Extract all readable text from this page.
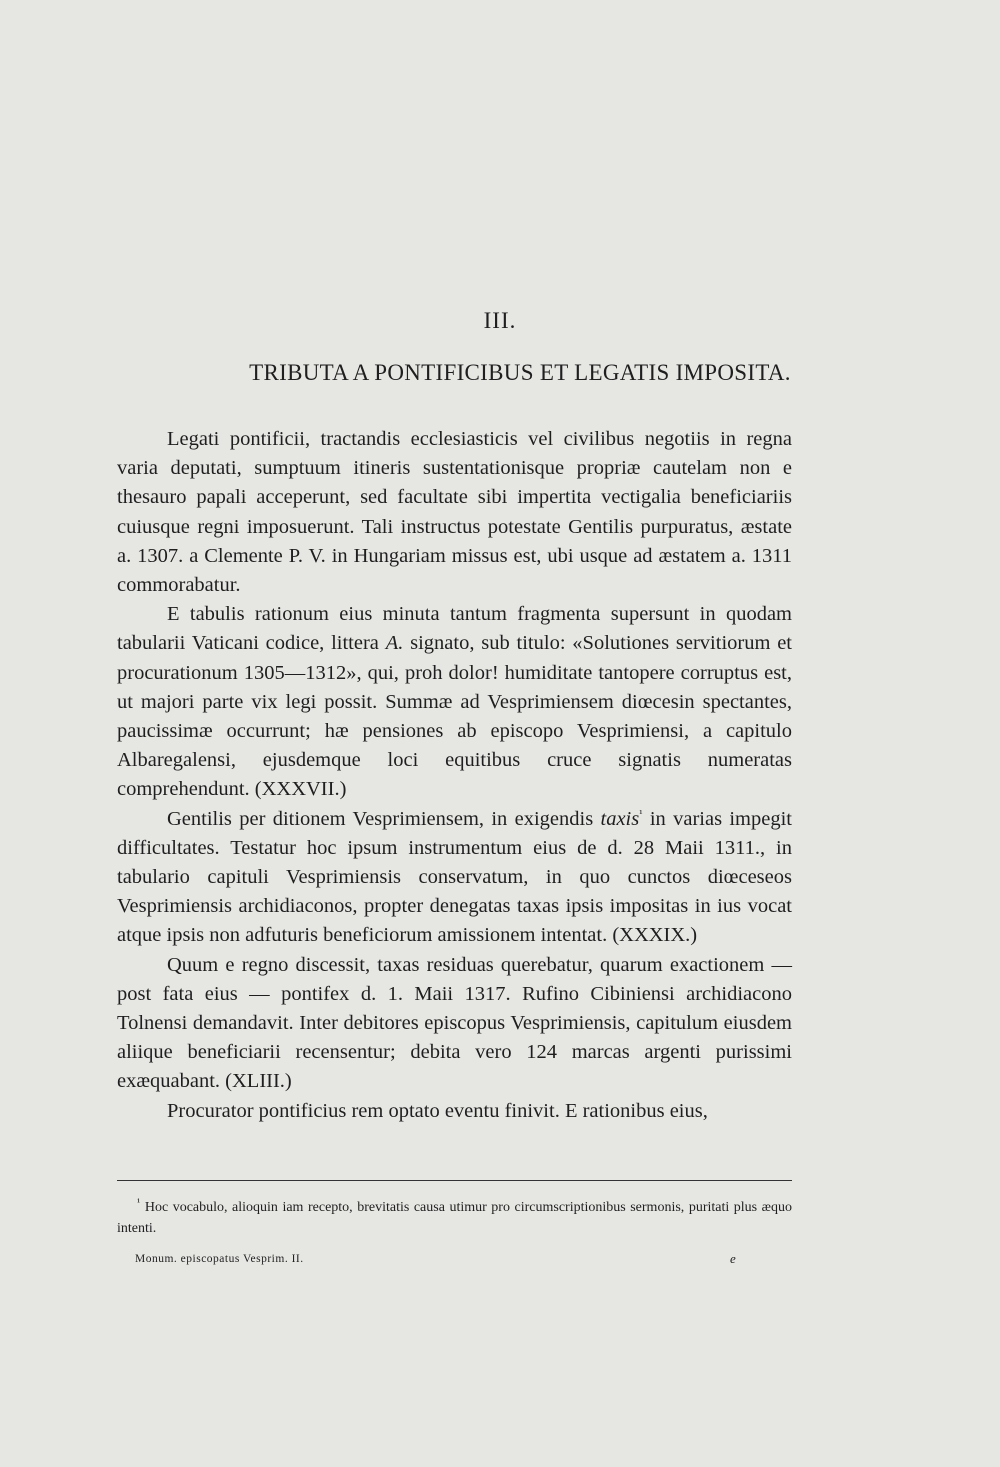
III.
TRIBUTA A PONTIFICIBUS ET LEGATIS IMPOSITA.

Legati pontificii, tractandis ecclesiasticis vel civilibus negotiis in regna varia deputati, sumptuum itineris sustentationisque propriæ cautelam non e thesauro papali acceperunt, sed facultate sibi impertita vectigalia beneficiariis cuiusque regni imposuerunt. Tali instructus potestate Gentilis purpuratus, æstate a. 1307. a Clemente P. V. in Hungariam missus est, ubi usque ad æstatem a. 1311 commorabatur.

E tabulis rationum eius minuta tantum fragmenta supersunt in quodam tabularii Vaticani codice, littera A. signato, sub titulo: «Solutiones servitiorum et procurationum 1305—1312», qui, proh dolor! humiditate tantopere corruptus est, ut majori parte vix legi possit. Summæ ad Vesprimiensem diœcesin spectantes, paucissimæ occurrunt; hæ pensiones ab episcopo Vesprimiensi, a capitulo Albaregalensi, ejusdemque loci equitibus cruce signatis numeratas comprehendunt. (XXXVII.)

Gentilis per ditionem Vesprimiensem, in exigendis taxis$^{^1}$ in varias impegit difficultates. Testatur hoc ipsum instrumentum eius de d. 28 Maii 1311., in tabulario capituli Vesprimiensis conservatum, in quo cunctos diœceseos Vesprimiensis archidiaconos, propter denegatas taxas ipsis impositas in ius vocat atque ipsis non adfuturis beneficiorum amissionem intentat. (XXXIX.)

Quum e regno discessit, taxas residuas querebatur, quarum exactionem — post fata eius — pontifex d. 1. Maii 1317. Rufino Cibiniensi archidiacono Tolnensi demandavit. Inter debitores episcopus Vesprimiensis, capitulum eiusdem aliique beneficiarii recensentur; debita vero 124 marcas argenti purissimi exæquabant. (XLIII.)

Procurator pontificius rem optato eventu finivit. E rationibus eius,

$^{^1}$ Hoc vocabulo, alioquin iam recepto, brevitatis causa utimur pro circumscriptionibus sermonis, puritati plus æquo intenti.
Monum. episcopatus Vesprim. II.	e
